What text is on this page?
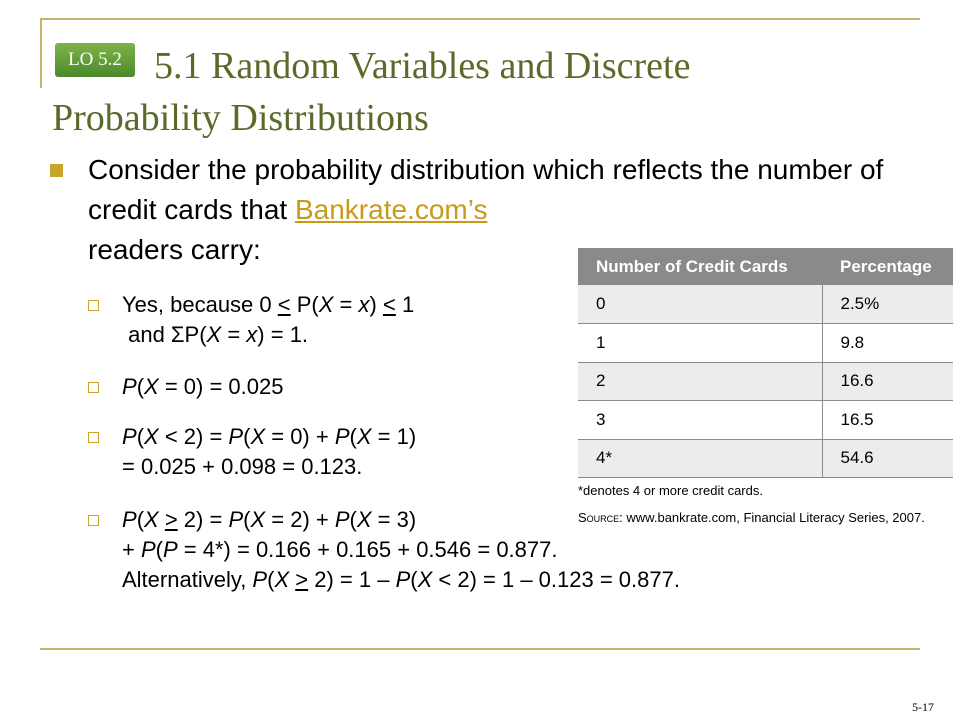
5.1 Random Variables and Discrete
Probability Distributions
LO 5.2
Consider the probability distribution which reflects the number of credit cards that Bankrate.com’s
readers carry:
Yes, because 0 < P(X = x) < 1
and ΣP(X = x) = 1.
P(X = 0) = 0.025
P(X < 2) = P(X = 0) + P(X = 1)
= 0.025 + 0.098 = 0.123.
P(X > 2) = P(X = 2) + P(X = 3)
+ P(P = 4*) = 0.166 + 0.165 + 0.546 = 0.877.
Alternatively, P(X > 2) = 1 – P(X < 2) = 1 – 0.123 = 0.877.
Number of Credit Cards	Percentage
0	2.5%
1	9.8
2	16.6
3	16.5
4*	54.6
*denotes 4 or more credit cards.
Source: www.bankrate.com, Financial Literacy Series, 2007.
5-17
